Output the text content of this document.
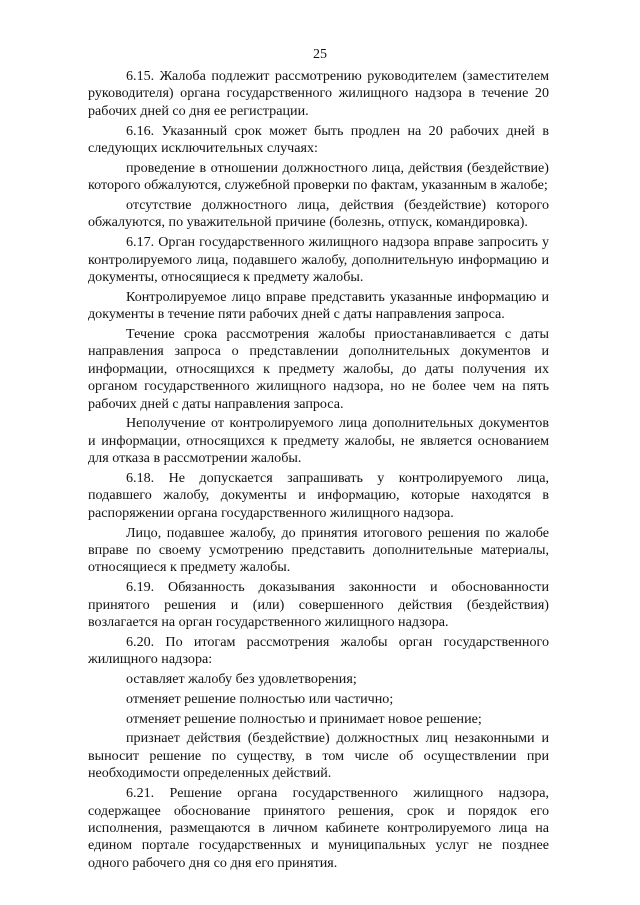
25

6.15. Жалоба подлежит рассмотрению руководителем (заместителем руководителя) органа государственного жилищного надзора в течение 20 рабочих дней со дня ее регистрации.

6.16. Указанный срок может быть продлен на 20 рабочих дней в следующих исключительных случаях:

проведение в отношении должностного лица, действия (бездействие) которого обжалуются, служебной проверки по фактам, указанным в жалобе;

отсутствие должностного лица, действия (бездействие) которого обжалуются, по уважительной причине (болезнь, отпуск, командировка).

6.17. Орган государственного жилищного надзора вправе запросить у контролируемого лица, подавшего жалобу, дополнительную информацию и документы, относящиеся к предмету жалобы.

Контролируемое лицо вправе представить указанные информацию и документы в течение пяти рабочих дней с даты направления запроса.

Течение срока рассмотрения жалобы приостанавливается с даты направления запроса о представлении дополнительных документов и информации, относящихся к предмету жалобы, до даты получения их органом государственного жилищного надзора, но не более чем на пять рабочих дней с даты направления запроса.

Неполучение от контролируемого лица дополнительных документов и информации, относящихся к предмету жалобы, не является основанием для отказа в рассмотрении жалобы.

6.18. Не допускается запрашивать у контролируемого лица, подавшего жалобу, документы и информацию, которые находятся в распоряжении органа государственного жилищного надзора.

Лицо, подавшее жалобу, до принятия итогового решения по жалобе вправе по своему усмотрению представить дополнительные материалы, относящиеся к предмету жалобы.

6.19. Обязанность доказывания законности и обоснованности принятого решения и (или) совершенного действия (бездействия) возлагается на орган государственного жилищного надзора.

6.20. По итогам рассмотрения жалобы орган государственного жилищного надзора:

оставляет жалобу без удовлетворения;

отменяет решение полностью или частично;

отменяет решение полностью и принимает новое решение;

признает действия (бездействие) должностных лиц незаконными и выносит решение по существу, в том числе об осуществлении при необходимости определенных действий.

6.21. Решение органа государственного жилищного надзора, содержащее обоснование принятого решения, срок и порядок его исполнения, размещаются в личном кабинете контролируемого лица на едином портале государственных и муниципальных услуг не позднее одного рабочего дня со дня его принятия.
